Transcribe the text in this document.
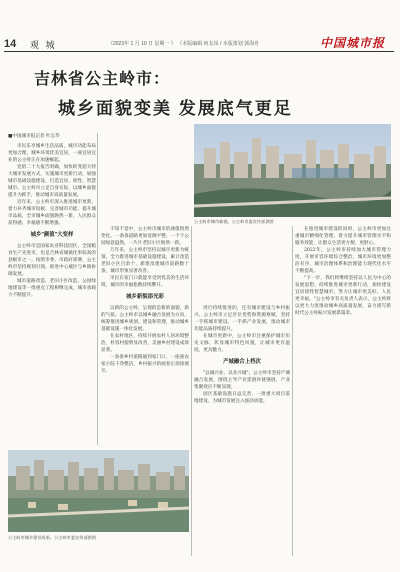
14 观 城	《2023年 1 月 10 日 星期一 》 《本版编辑 何友凤 / 本版策划 郭海舟	中国城市报
吉林省公主岭市：
城乡面貌变美 发展底气更足
公主岭市城市新貌。公主岭市委宣传部供图
■中国城市报记者 叶志华

市民乐享城乡生活品质，城市功能布局更加合理，城乡环境优美宜居，一座宜居宜业的公主岭正在加速崛起。

党的二十大报告明确，加快转变超大特大城市发展方式，实施城市更新行动，加强城市基础设施建设，打造宜居、韧性、智慧城市。公主岭市立足自身实际，以城乡面貌提升为抓手，推动城市高质量发展。

近年来，公主岭市深入推进城市更新，着力补齐城市短板、完善城市功能、提升城市品质，全市城乡面貌焕然一新，人民群众获得感、幸福感不断增强。

城乡"颜值"大变样

公主岭市是国家农业科技园区、全国粮食生产先进市，也是吉林省城镇化率较高的县级市之一。按照市委、市政府部署，公主岭市坚持规划引领，推进中心城区与乡镇协调发展。

城市道路改造、老旧小区改造、公园绿地建设等一批重点工程相继完成，城市承载力不断提升。

不知不觉中，公主岭市城市的颜值悄然变化。一条条道路更加宽阔平整，一个个公园绿意盎然，一片片老旧小区焕然一新。

几年来，公主岭市坚持以城市更新为统领，全力推进城市基础设施建设，累计改造老旧小区百余个，新建改建城市道路数十条，城市形象显著改善。

市民在家门口就能享受到优美的生活环境，城市的幸福指数持续攀升。

城乡新貌添光彩

以新的公主岭，呈现的是新的面貌、新的气质。公主岭市以城乡融合发展为方向，统筹推进城乡规划、建设和管理，推动城乡基础设施一体化发展。

在农村地区，持续开展农村人居环境整治，村容村貌明显改善，美丽乡村建设成效显著。

一条条乡村道路通到家门口，一座座农家小院干净整洁，乡村振兴的画卷正徐徐展开。

进行持续推进的，还有城市建设与乡村振兴。公主岭市立足区位优势和资源禀赋，坚持一手抓城市建设、一手抓产业发展，推动城市功能品质持续提升。

在城市更新中，公主岭市注重保护城市历史文脉，彰显城市特色风貌，让城市更有温度、更具魅力。

产城融合上档次

"以城兴业、以业兴城"。公主岭市坚持产城融合发展，围绕主导产业延链补链强链，产业集聚效应不断显现。

园区基础设施日益完善，一批重大项目落地建设，为城市发展注入强劲动能。

在推进城市建设的同时，公主岭市更加注重城市精细化管理，着力提升城市管理水平和服务效能，让群众生活更方便、更舒心。

2022年，公主岭市持续加大城市管理力度，开展市容环境综合整治，城市环境更加整洁有序，城市治理体系和治理能力现代化水平不断提高。

"下一步，我们将继续坚持以人民为中心的发展思想，持续推进城市更新行动，加快建设宜居韧性智慧城市，努力让城市更美好、人民更幸福。"公主岭市有关负责人表示，公主岭将以更大力度推动城乡高质量发展，奋力谱写新时代公主岭振兴发展新篇章。

公主岭市城乡建设成果。公主岭市委宣传部供图
